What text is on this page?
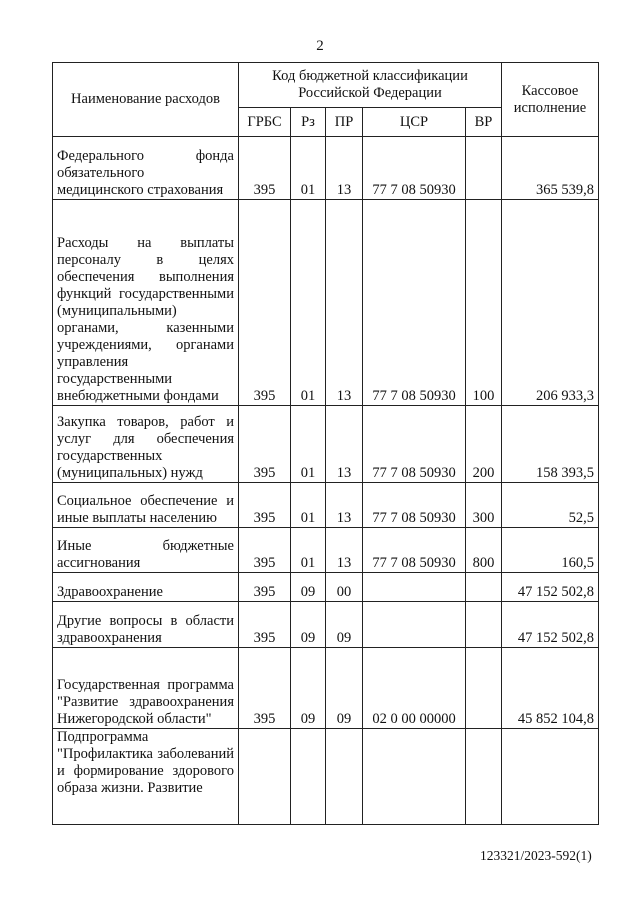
2
Наименование расходов	Код бюджетной классификации Российской Федерации					Кассовое исполнение
	ГРБС	Рз	ПР	ЦСР	ВР	
Федерального фонда обязательного медицинского страхования	395	01	13	77 7 08 50930		365 539,8
Расходы на выплаты персоналу в целях обеспечения выполнения функций государственными (муниципальными) органами, казенными учреждениями, органами управления государственными внебюджетными фондами	395	01	13	77 7 08 50930	100	206 933,3
Закупка товаров, работ и услуг для обеспечения государственных (муниципальных) нужд	395	01	13	77 7 08 50930	200	158 393,5
Социальное обеспечение и иные выплаты населению	395	01	13	77 7 08 50930	300	52,5
Иные бюджетные ассигнования	395	01	13	77 7 08 50930	800	160,5
Здравоохранение	395	09	00			47 152 502,8
Другие вопросы в области здравоохранения	395	09	09			47 152 502,8
Государственная программа "Развитие здравоохранения Нижегородской области"	395	09	09	02 0 00 00000		45 852 104,8
Подпрограмма "Профилактика заболеваний и формирование здорового образа жизни. Развитие						
123321/2023-592(1)
